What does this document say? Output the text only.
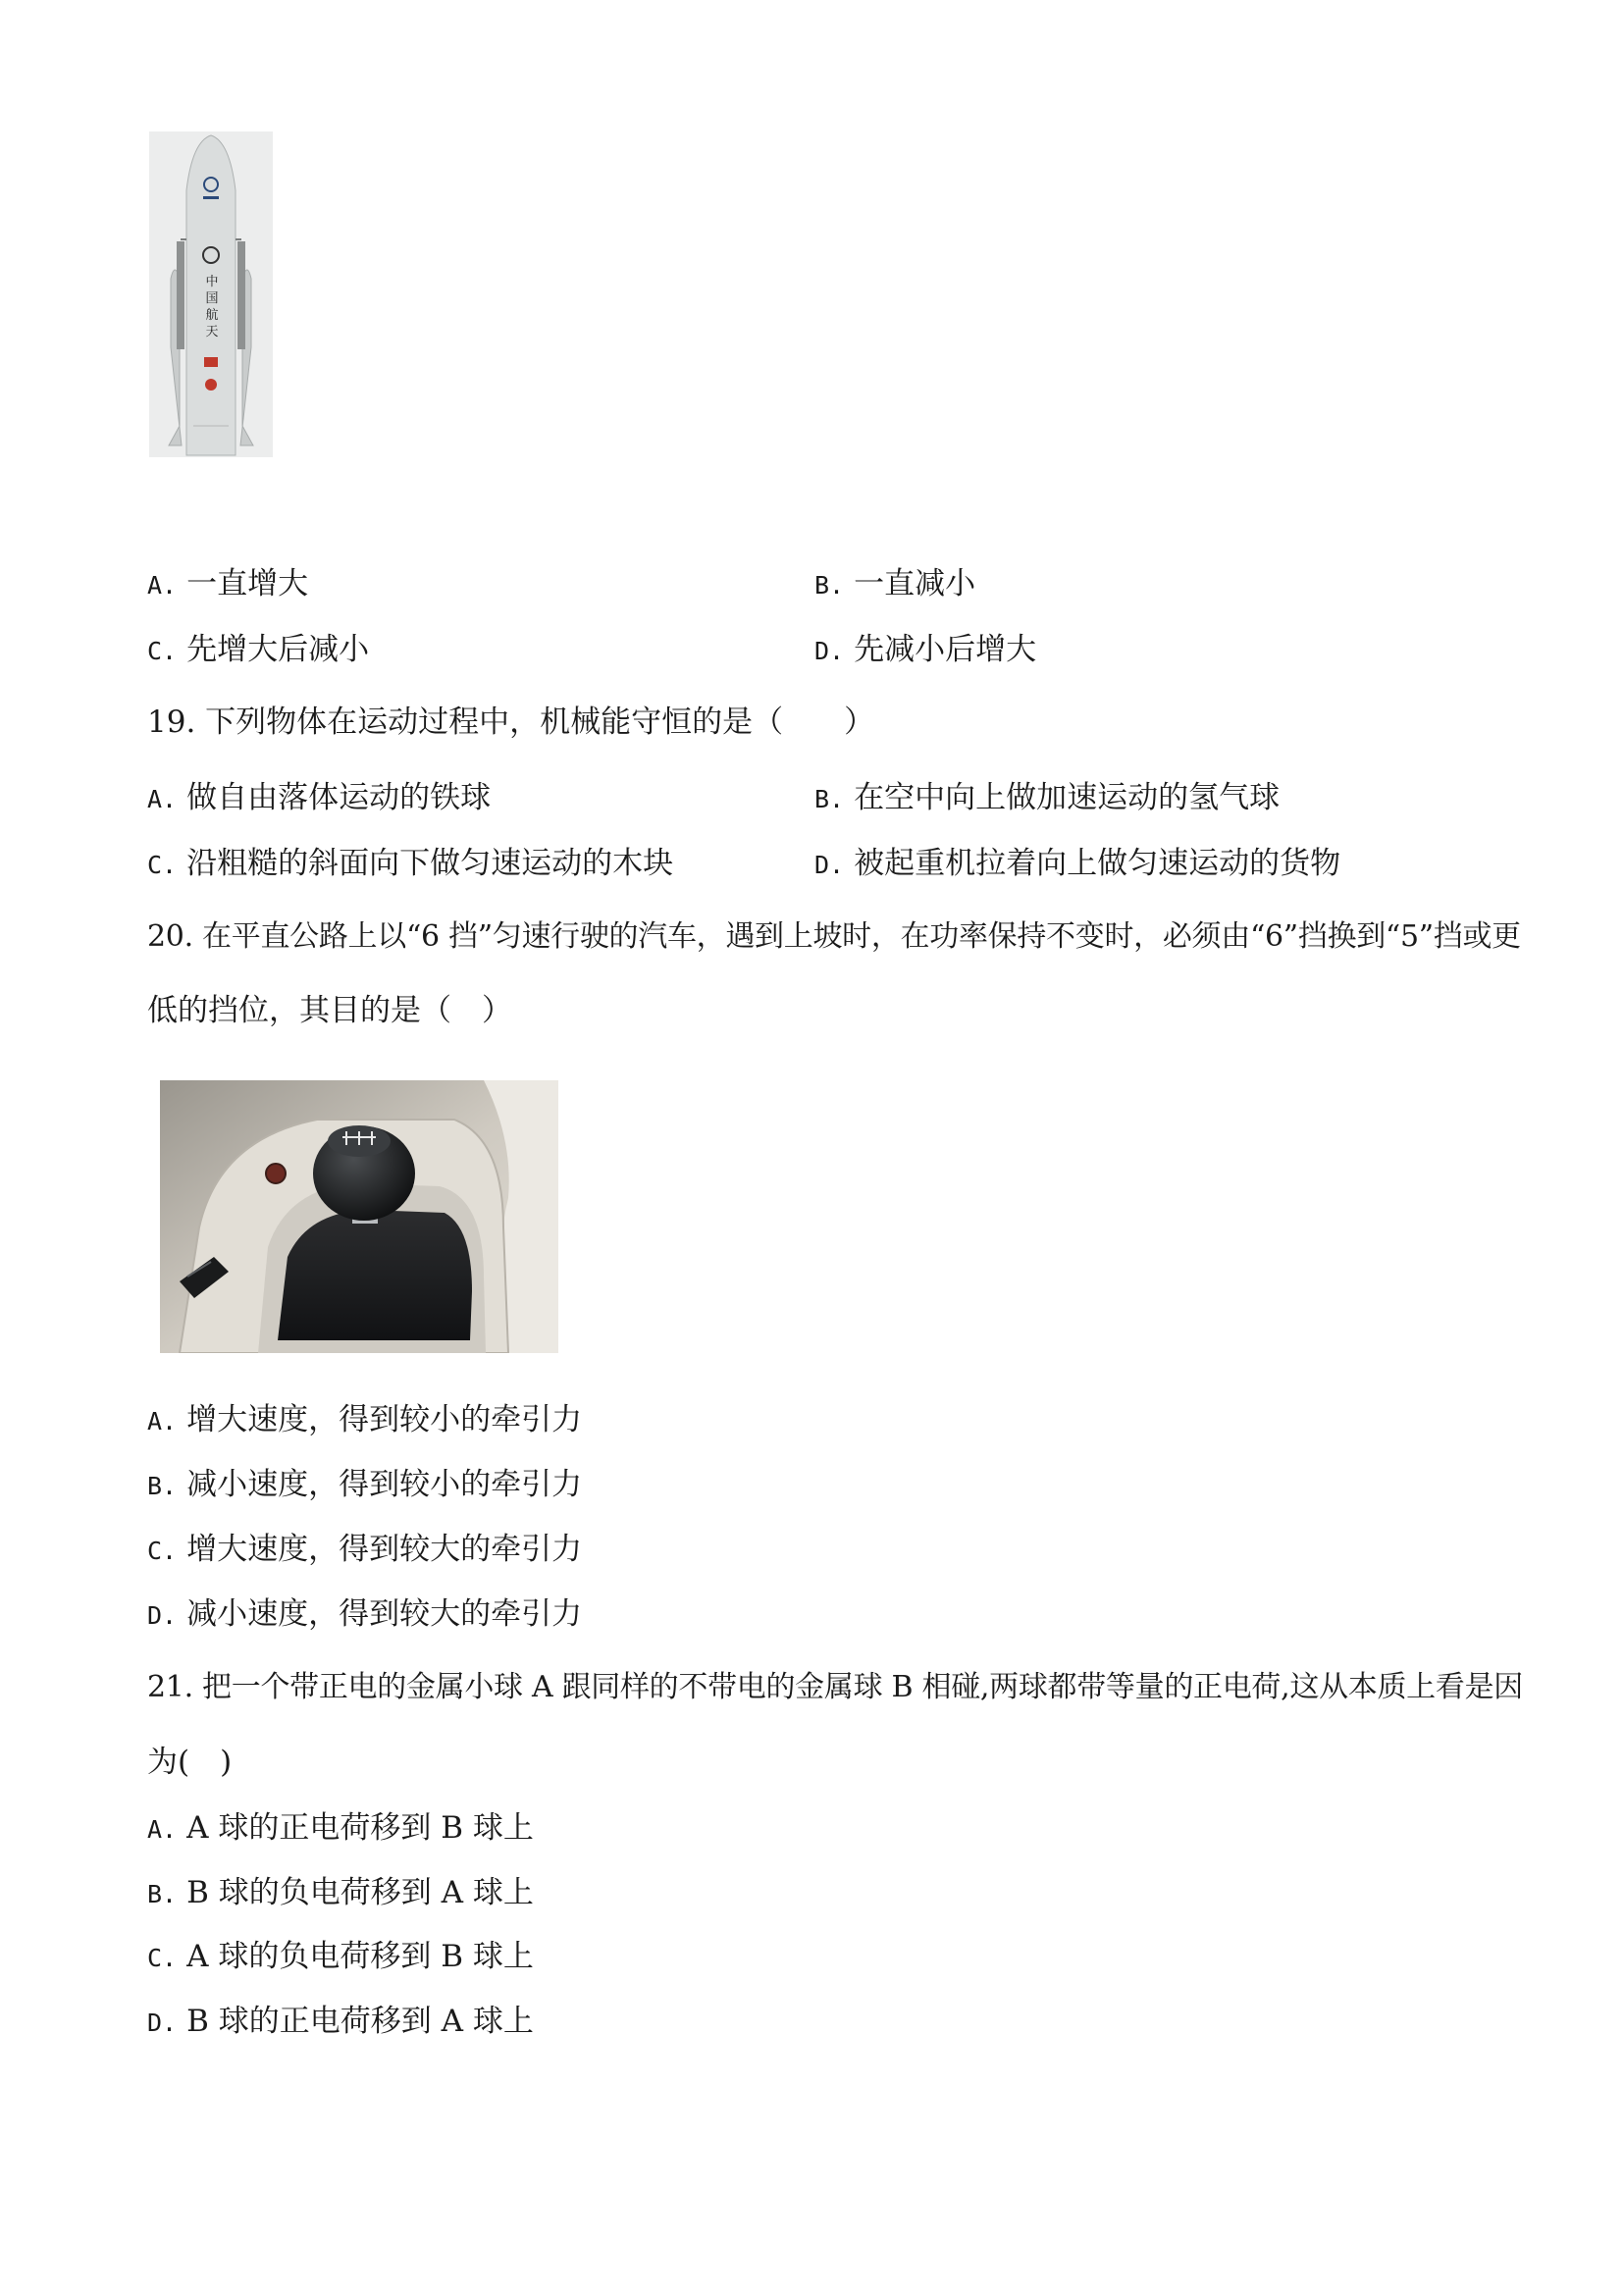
中
国
航
天
A. 一直增大	B. 一直减小
C. 先增大后减小	D. 先减小后增大
19. 下列物体在运动过程中，机械能守恒的是（　　）
A. 做自由落体运动的铁球	B. 在空中向上做加速运动的氢气球
C. 沿粗糙的斜面向下做匀速运动的木块	D. 被起重机拉着向上做匀速运动的货物
20. 在平直公路上以“6 挡”匀速行驶的汽车，遇到上坡时，在功率保持不变时，必须由“6”挡换到“5”挡或更
低的挡位，其目的是（　）
A. 增大速度，得到较小的牵引力
B. 减小速度，得到较小的牵引力
C. 增大速度，得到较大的牵引力
D. 减小速度，得到较大的牵引力
21. 把一个带正电的金属小球 A 跟同样的不带电的金属球 B 相碰,两球都带等量的正电荷,这从本质上看是因
为(　)
A. A 球的正电荷移到 B 球上
B. B 球的负电荷移到 A 球上
C. A 球的负电荷移到 B 球上
D. B 球的正电荷移到 A 球上
